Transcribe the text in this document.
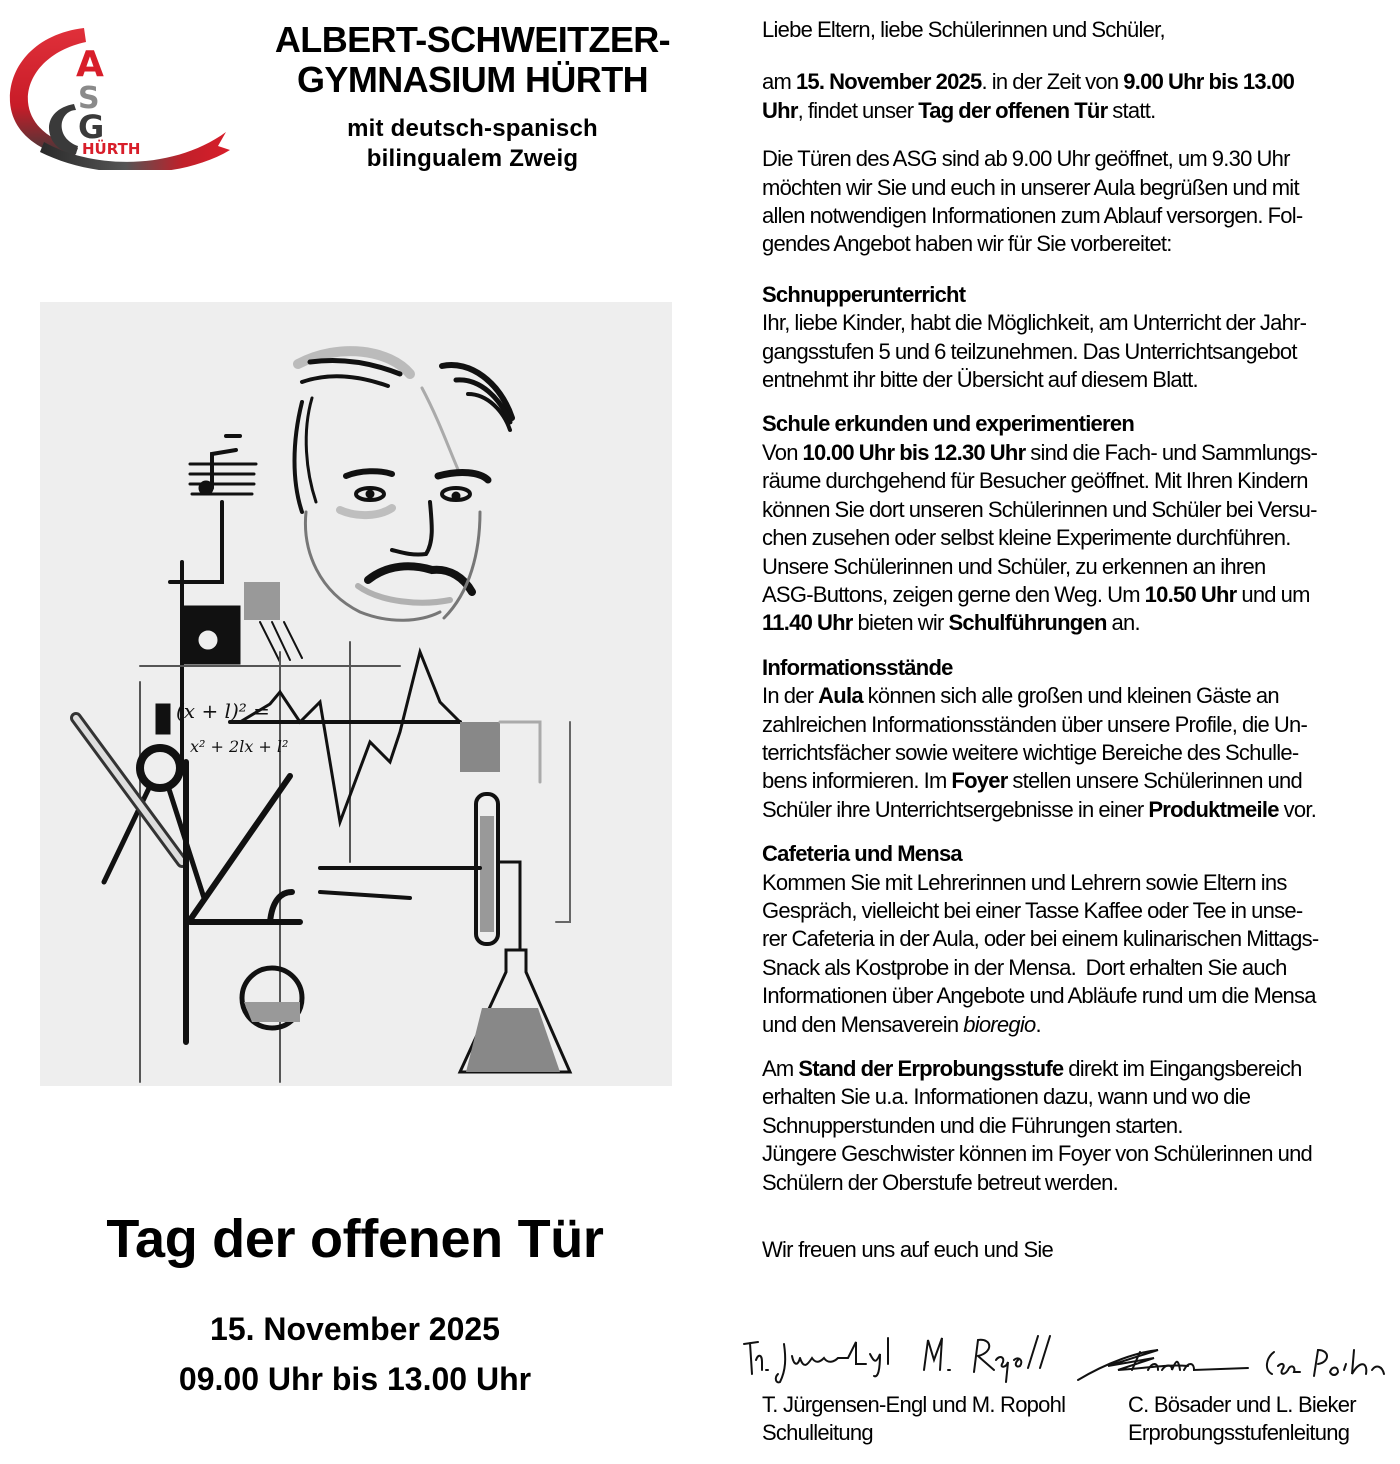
A
S
G
HÜRTH
ALBERT-SCHWEITZER-
GYMNASIUM HÜRTH
mit deutsch-spanisch
bilingualem Zweig
(x + l)² =
x² + 2lx + l²
Tag der offenen Tür
15. November 2025
09.00 Uhr bis 13.00 Uhr

Liebe Eltern, liebe Schülerinnen und Schüler,

am 15. November 2025. in der Zeit von 9.00 Uhr bis 13.00
Uhr, findet unser Tag der offenen Tür statt.

Die Türen des ASG sind ab 9.00 Uhr geöffnet, um 9.30 Uhr
möchten wir Sie und euch in unserer Aula begrüßen und mit
allen notwendigen Informationen zum Ablauf versorgen. Fol-
gendes Angebot haben wir für Sie vorbereitet:

Schnupperunterricht
Ihr, liebe Kinder, habt die Möglichkeit, am Unterricht der Jahr-
gangsstufen 5 und 6 teilzunehmen. Das Unterrichtsangebot
entnehmt ihr bitte der Übersicht auf diesem Blatt.
Schule erkunden und experimentieren
Von 10.00 Uhr bis 12.30 Uhr sind die Fach- und Sammlungs-
räume durchgehend für Besucher geöffnet. Mit Ihren Kindern
können Sie dort unseren Schülerinnen und Schüler bei Versu-
chen zusehen oder selbst kleine Experimente durchführen.
Unsere Schülerinnen und Schüler, zu erkennen an ihren
ASG-Buttons, zeigen gerne den Weg. Um 10.50 Uhr und um
11.40 Uhr bieten wir Schulführungen an.
Informationsstände
In der Aula können sich alle großen und kleinen Gäste an
zahlreichen Informationsständen über unsere Profile, die Un-
terrichtsfächer sowie weitere wichtige Bereiche des Schulle-
bens informieren. Im Foyer stellen unsere Schülerinnen und
Schüler ihre Unterrichtsergebnisse in einer Produktmeile vor.
Cafeteria und Mensa
Kommen Sie mit Lehrerinnen und Lehrern sowie Eltern ins
Gespräch, vielleicht bei einer Tasse Kaffee oder Tee in unse-
rer Cafeteria in der Aula, oder bei einem kulinarischen Mittags-
Snack als Kostprobe in der Mensa.  Dort erhalten Sie auch
Informationen über Angebote und Abläufe rund um die Mensa
und den Mensaverein bioregio.
Am Stand der Erprobungsstufe direkt im Eingangsbereich
erhalten Sie u.a. Informationen dazu, wann und wo die
Schnupperstunden und die Führungen starten.
Jüngere Geschwister können im Foyer von Schülerinnen und
Schülern der Oberstufe betreut werden.
Wir freuen uns auf euch und Sie
T. Jürgensen-Engl und M. Ropohl
Schulleitung
C. Bösader und L. Bieker
Erprobungsstufenleitung
